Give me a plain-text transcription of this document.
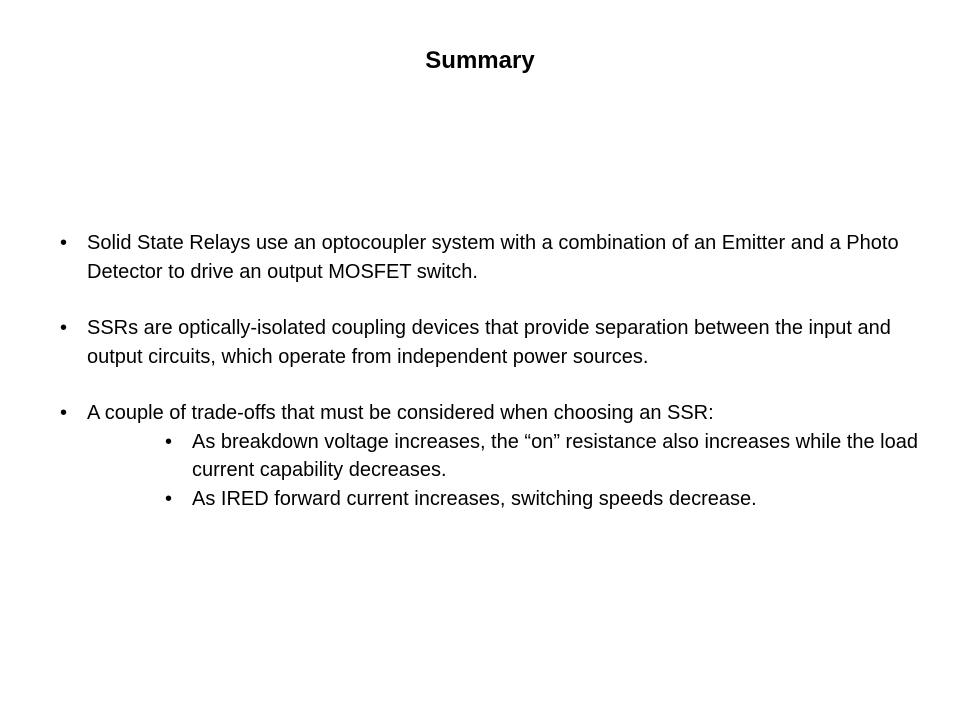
Summary
• Solid State Relays use an optocoupler system with a combination of an Emitter and a Photo Detector to drive an output MOSFET switch.
• SSRs are optically-isolated coupling devices that provide separation between the input and output circuits, which operate from independent power sources.
• A couple of trade-offs that must be considered when choosing an SSR:
• As breakdown voltage increases, the “on” resistance also increases while the load current capability decreases.
• As IRED forward current increases, switching speeds decrease.
